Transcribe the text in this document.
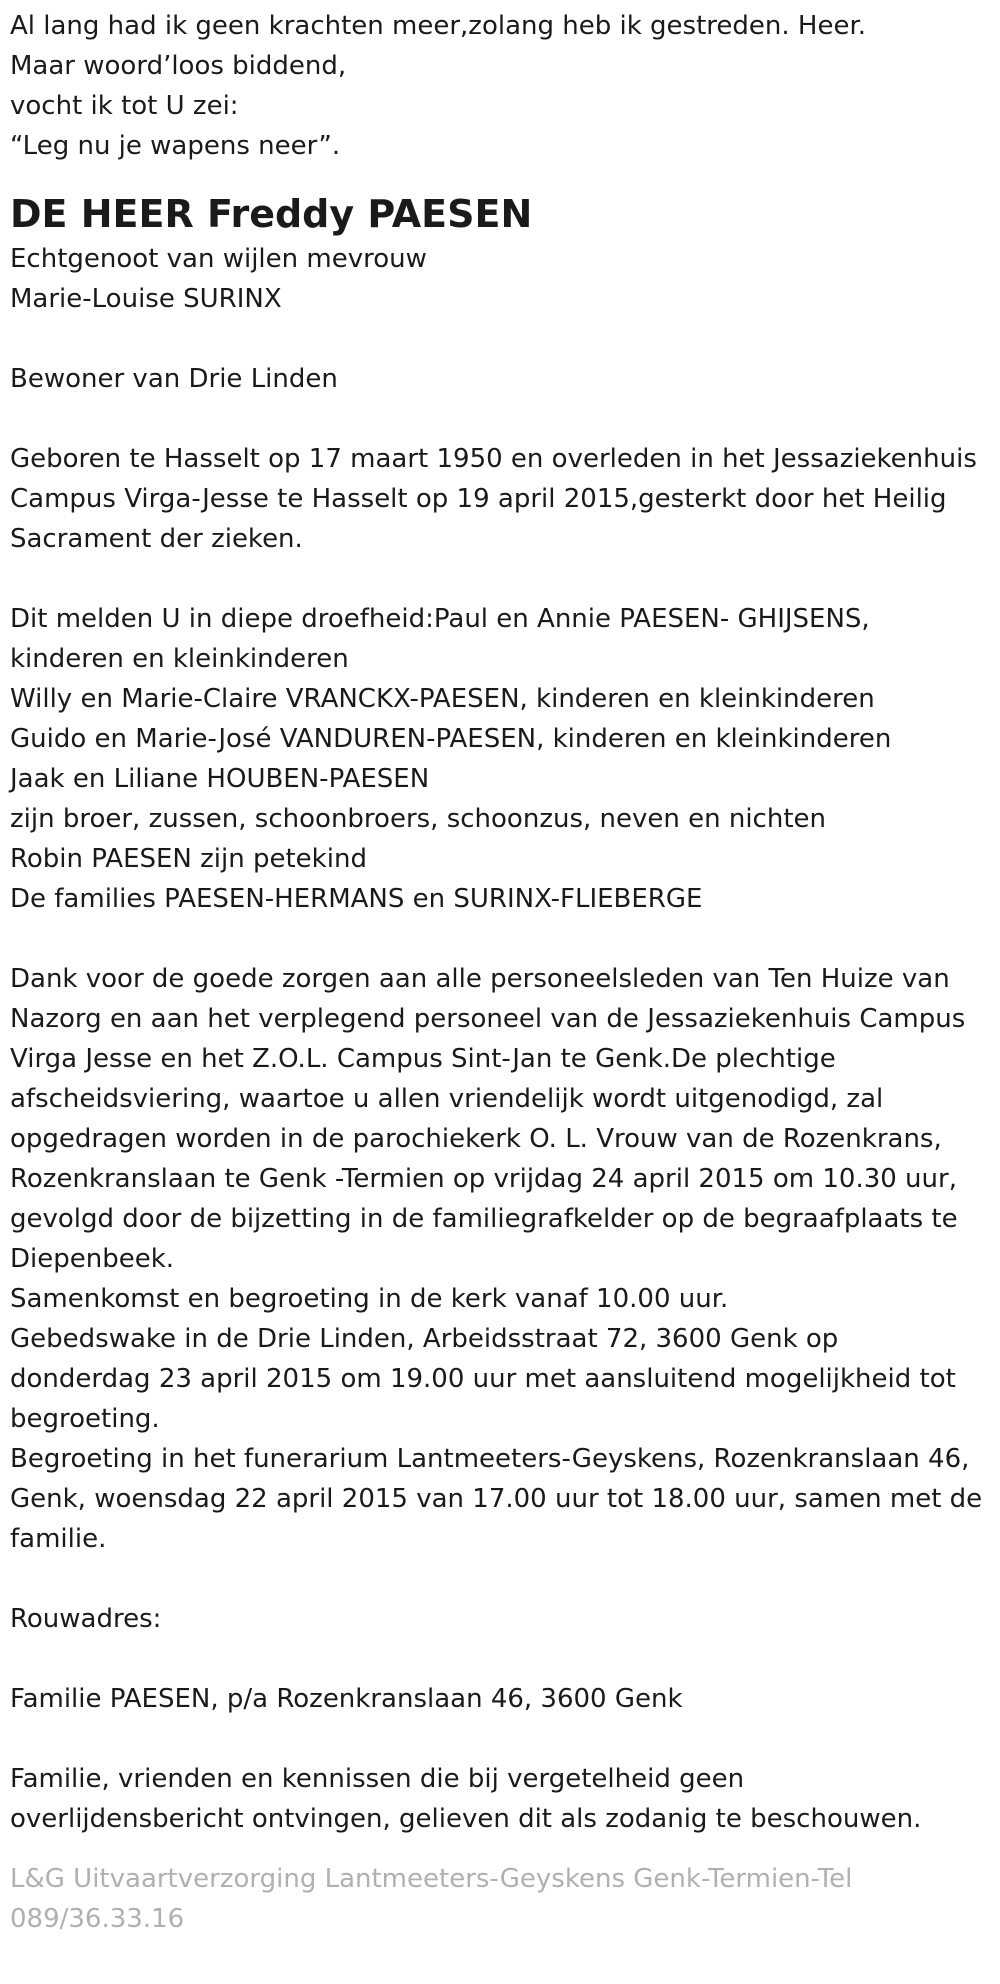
Al lang had ik geen krachten meer,zolang heb ik gestreden. Heer.

Maar woord’loos biddend,

vocht ik tot U zei:

“Leg nu je wapens neer”.

DE HEER Freddy PAESEN

Echtgenoot van wijlen mevrouw

Marie-Louise SURINX

Bewoner van Drie Linden

Geboren te Hasselt op 17 maart 1950 en overleden in het Jessaziekenhuis

Campus Virga-Jesse te Hasselt op 19 april 2015,gesterkt door het Heilig

Sacrament der zieken.

Dit melden U in diepe droefheid:Paul en Annie PAESEN- GHIJSENS,

kinderen en kleinkinderen

Willy en Marie-Claire VRANCKX-PAESEN, kinderen en kleinkinderen

Guido en Marie-José VANDUREN-PAESEN, kinderen en kleinkinderen

Jaak en Liliane HOUBEN-PAESEN

zijn broer, zussen, schoonbroers, schoonzus, neven en nichten

Robin PAESEN zijn petekind

De families PAESEN-HERMANS en SURINX-FLIEBERGE

Dank voor de goede zorgen aan alle personeelsleden van Ten Huize van

Nazorg en aan het verplegend personeel van de Jessaziekenhuis Campus

Virga Jesse en het Z.O.L. Campus Sint-Jan te Genk.De plechtige

afscheidsviering, waartoe u allen vriendelijk wordt uitgenodigd, zal

opgedragen worden in de parochiekerk O. L. Vrouw van de Rozenkrans,

Rozenkranslaan te Genk -Termien op vrijdag 24 april 2015 om 10.30 uur,

gevolgd door de bijzetting in de familiegrafkelder op de begraafplaats te

Diepenbeek.

Samenkomst en begroeting in de kerk vanaf 10.00 uur.

Gebedswake in de Drie Linden, Arbeidsstraat 72, 3600 Genk op

donderdag 23 april 2015 om 19.00 uur met aansluitend mogelijkheid tot

begroeting.

Begroeting in het funerarium Lantmeeters-Geyskens, Rozenkranslaan 46,

Genk, woensdag 22 april 2015 van 17.00 uur tot 18.00 uur, samen met de

familie.

Rouwadres:

Familie PAESEN, p/a Rozenkranslaan 46, 3600 Genk

Familie, vrienden en kennissen die bij vergetelheid geen

overlijdensbericht ontvingen, gelieven dit als zodanig te beschouwen.

L&G Uitvaartverzorging Lantmeeters-Geyskens Genk-Termien-Tel

089/36.33.16
